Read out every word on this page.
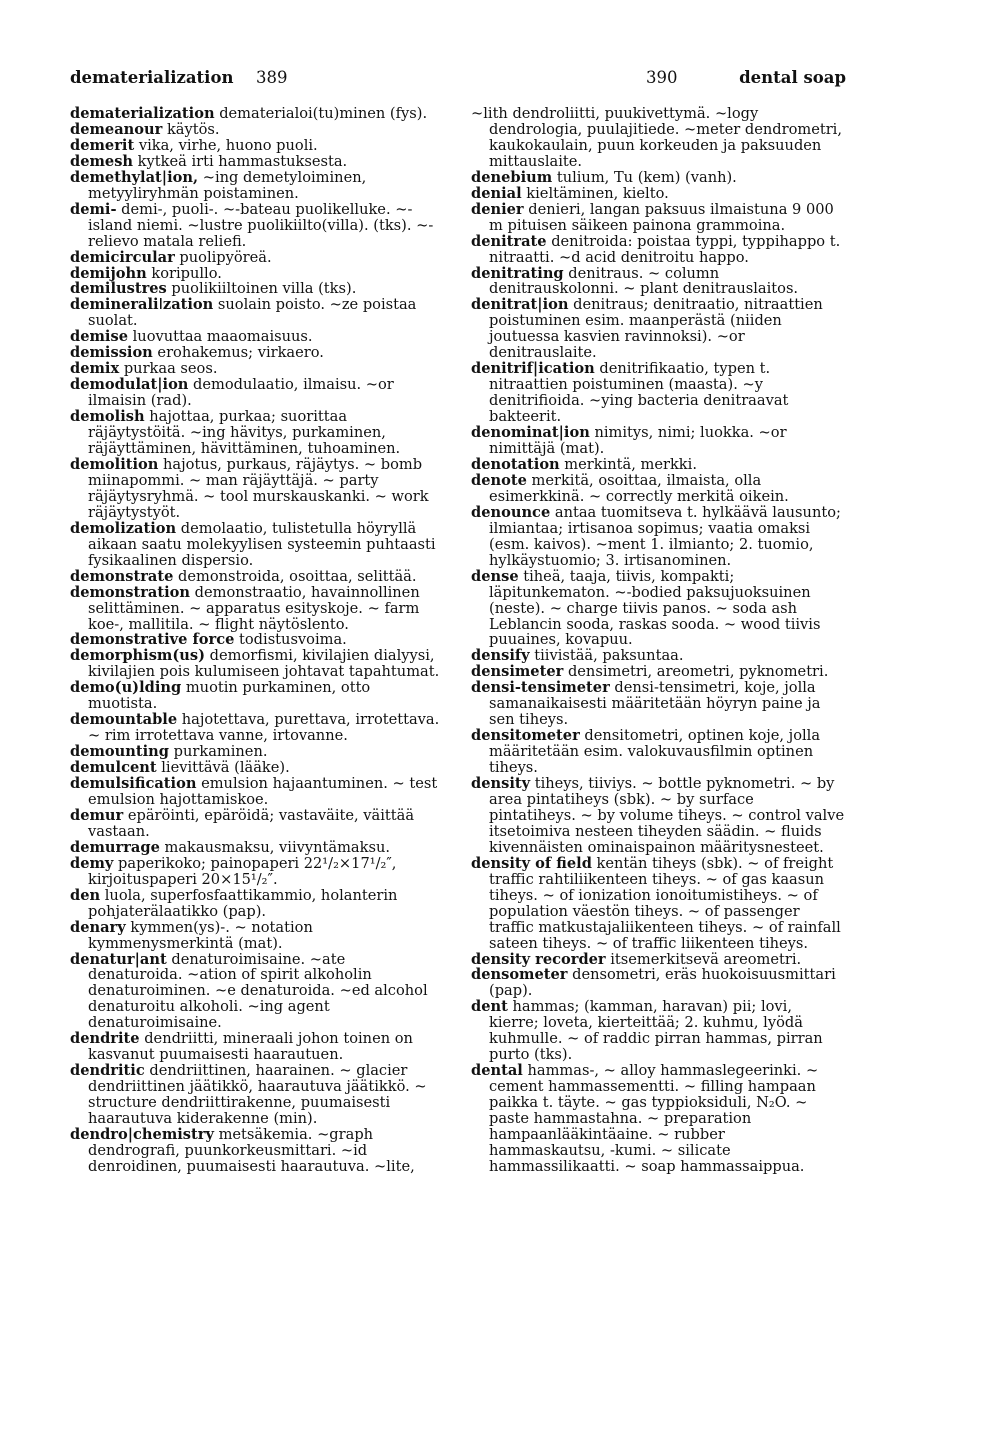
dematerialization 389	390	dental soap

dematerialization dematerialoi(tu)minen (fys).

demeanour käytös.

demerit vika, virhe, huono puoli.

demesh kytkeä irti hammastuksesta.

demethylat|ion, ~ing demetyloiminen, metyyliryhmän poistaminen.

demi- demi-, puoli-. ~-bateau puolikelluke. ~-island niemi. ~lustre puolikiilto(villa). (tks). ~-relievo matala reliefi.

demicircular puolipyöreä.

demijohn koripullo.

demilustres puolikiiltoinen villa (tks).

demineraliǀzation suolain poisto. ~ze poistaa suolat.

demise luovuttaa maaomaisuus.

demission erohakemus; virkaero.

demix purkaa seos.

demodulat|ion demodulaatio, ilmaisu. ~or ilmaisin (rad).

demolish hajottaa, purkaa; suorittaa räjäytystöitä. ~ing hävitys, purkaminen, räjäyttäminen, hävittäminen, tuhoaminen.

demolition hajotus, purkaus, räjäytys. ~ bomb miinapommi. ~ man räjäyttäjä. ~ party räjäytysryhmä. ~ tool murskauskanki. ~ work räjäytystyöt.

demolization demolaatio, tulistetulla höyryllä aikaan saatu molekyylisen systeemin puhtaasti fysikaalinen dispersio.

demonstrate demonstroida, osoittaa, selittää.

demonstration demonstraatio, havainnollinen selittäminen. ~ apparatus esityskoje. ~ farm koe-, mallitila. ~ flight näytöslento.

demonstrative force todistusvoima.

demorphism(us) demorfismi, kivilajien dialyysi, kivilajien pois kulumiseen johtavat tapahtumat.

demo(u)lding muotin purkaminen, otto muotista.

demountable hajotettava, purettava, irrotettava. ~ rim irrotettava vanne, irtovanne.

demounting purkaminen.

demulcent lievittävä (lääke).

demulsification emulsion hajaantuminen. ~ test emulsion hajottamiskoe.

demur epäröinti, epäröidä; vastaväite, väittää vastaan.

demurrage makausmaksu, viivyntämaksu.

demy paperikoko; painopaperi 22¹/₂×17¹/₂″, kirjoituspaperi 20×15¹/₂″.

den luola, superfosfaattikammio, holanterin pohjaterälaatikko (pap).

denary kymmen(ys)-. ~ notation kymmenysmerkintä (mat).

denatur|ant denaturoimisaine. ~ate denaturoida. ~ation of spirit alkoholin denaturoiminen. ~e denaturoida. ~ed alcohol denaturoitu alkoholi. ~ing agent denaturoimisaine.

dendrite dendriitti, mineraali johon toinen on kasvanut puumaisesti haarautuen.

dendritic dendriittinen, haarainen. ~ glacier dendriittinen jäätikkö, haarautuva jäätikkö. ~ structure dendriittirakenne, puumaisesti haarautuva kiderakenne (min).

dendro|chemistry metsäkemia. ~graph dendrografi, puunkorkeusmittari. ~id denroidinen, puumaisesti haarautuva. ~lite,

~lith dendroliitti, puukivettymä. ~logy dendrologia, puulajitiede. ~meter dendrometri, kaukokaulain, puun korkeuden ja paksuuden mittauslaite.

denebium tulium, Tu (kem) (vanh).

denial kieltäminen, kielto.

denier denieri, langan paksuus ilmaistuna 9 000 m pituisen säikeen painona grammoina.

denitrate denitroida: poistaa typpi, typpihappo t. nitraatti. ~d acid denitroitu happo.

denitrating denitraus. ~ column denitrauskolonni. ~ plant denitrauslaitos.

denitrat|ion denitraus; denitraatio, nitraattien poistuminen esim. maanperästä (niiden joutuessa kasvien ravinnoksi). ~or denitrauslaite.

denitrif|ication denitrifikaatio, typen t. nitraattien poistuminen (maasta). ~y denitrifioida. ~ying bacteria denitraavat bakteerit.

denominat|ion nimitys, nimi; luokka. ~or nimittäjä (mat).

denotation merkintä, merkki.

denote merkitä, osoittaa, ilmaista, olla esimerkkinä. ~ correctly merkitä oikein.

denounce antaa tuomitseva t. hylkäävä lausunto; ilmiantaa; irtisanoa sopimus; vaatia omaksi (esm. kaivos). ~ment 1. ilmianto; 2. tuomio, hylkäystuomio; 3. irtisanominen.

dense tiheä, taaja, tiivis, kompakti; läpitunkematon. ~-bodied paksujuoksuinen (neste). ~ charge tiivis panos. ~ soda ash Leblancin sooda, raskas sooda. ~ wood tiivis puuaines, kovapuu.

densify tiivistää, paksuntaa.

densimeter densimetri, areometri, pyknometri.

densi-tensimeter densi-tensimetri, koje, jolla samanaikaisesti määritetään höyryn paine ja sen tiheys.

densitometer densitometri, optinen koje, jolla määritetään esim. valokuvausfilmin optinen tiheys.

density tiheys, tiiviys. ~ bottle pyknometri. ~ by area pintatiheys (sbk). ~ by surface pintatiheys. ~ by volume tiheys. ~ control valve itsetoimiva nesteen tiheyden säädin. ~ fluids kivennäisten ominaispainon määritysnesteet.

density of field kentän tiheys (sbk). ~ of freight traffic rahtiliikenteen tiheys. ~ of gas kaasun tiheys. ~ of ionization ionoitumistiheys. ~ of population väestön tiheys. ~ of passenger traffic matkustajaliikenteen tiheys. ~ of rainfall sateen tiheys. ~ of traffic liikenteen tiheys.

density recorder itsemerkitsevä areometri.

densometer densometri, eräs huokoisuusmittari (pap).

dent hammas; (kamman, haravan) pii; lovi, kierre; loveta, kierteittää; 2. kuhmu, lyödä kuhmulle. ~ of raddic pirran hammas, pirran purto (tks).

dental hammas-, ~ alloy hammaslegeerinki. ~ cement hammassementti. ~ filling hampaan paikka t. täyte. ~ gas typpioksiduli, N₂O. ~ paste hammastahna. ~ preparation hampaanlääkintäaine. ~ rubber hammaskautsu, -kumi. ~ silicate hammassilikaatti. ~ soap hammassaippua.
